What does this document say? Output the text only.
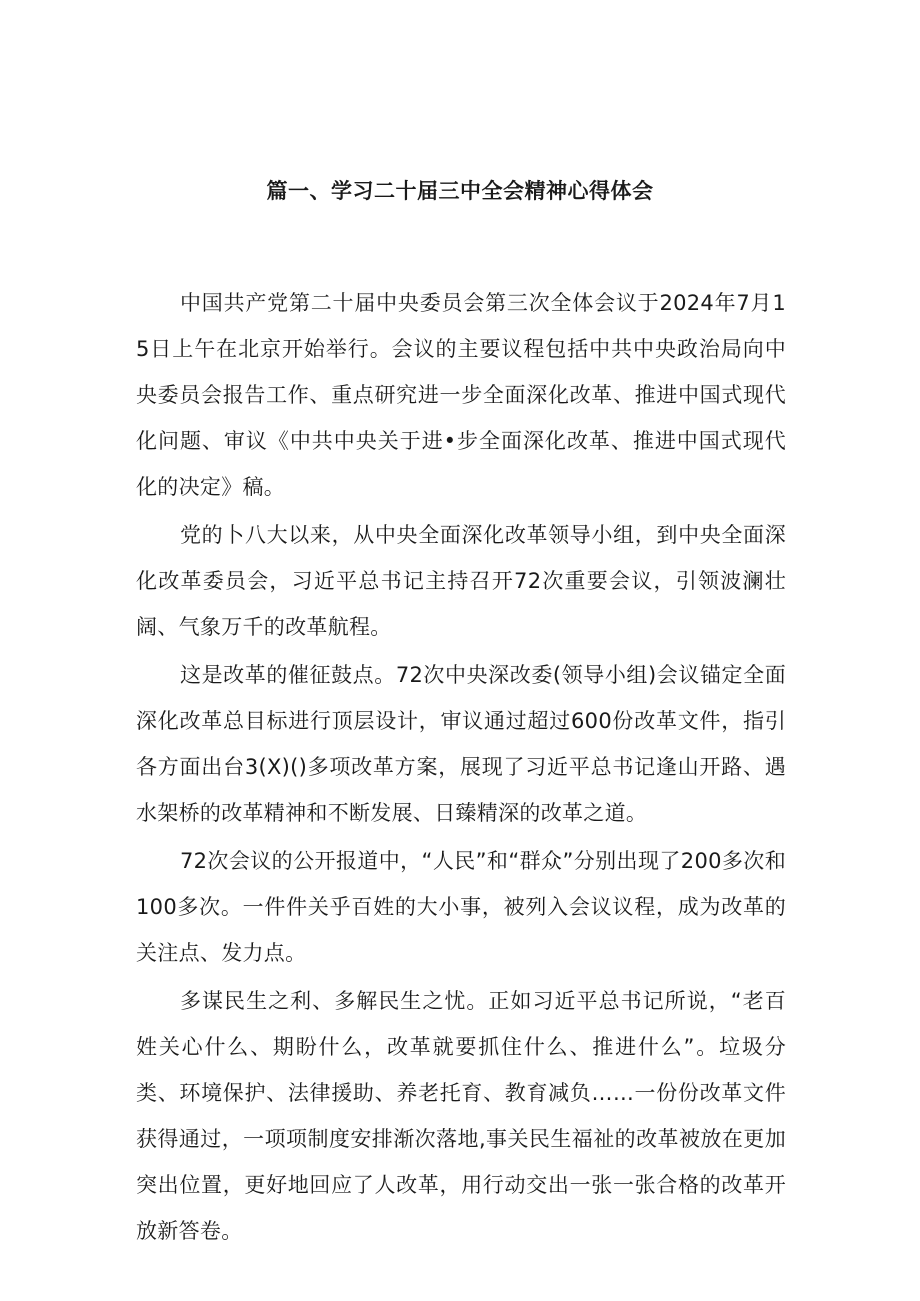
篇一、学习二十届三中全会精神心得体会

中国共产党第二十届中央委员会第三次全体会议于2024年7月15日上午在北京开始举行。会议的主要议程包括中共中央政治局向中央委员会报告工作、重点研究进一步全面深化改革、推进中国式现代化问题、审议《中共中央关于进•步全面深化改革、推进中国式现代化的决定》稿。

党的卜八大以来，从中央全面深化改革领导小组，到中央全面深化改革委员会，习近平总书记主持召开72次重要会议，引领波澜壮阔、气象万千的改革航程。

这是改革的催征鼓点。72次中央深改委(领导小组)会议锚定全面深化改革总目标进行顶层设计，审议通过超过600份改革文件，指引各方面出台3(X)()多项改革方案，展现了习近平总书记逢山开路、遇水架桥的改革精神和不断发展、日臻精深的改革之道。

72次会议的公开报道中，“人民”和“群众”分别出现了200多次和100多次。一件件关乎百姓的大小事，被列入会议议程，成为改革的关注点、发力点。

多谋民生之利、多解民生之忧。正如习近平总书记所说，“老百姓关心什么、期盼什么，改革就要抓住什么、推进什么”。垃圾分类、环境保护、法律援助、养老托育、教育减负……一份份改革文件获得通过，一项项制度安排渐次落地,事关民生福祉的改革被放在更加突出位置，更好地回应了人改革，用行动交出一张一张合格的改革开放新答卷。
